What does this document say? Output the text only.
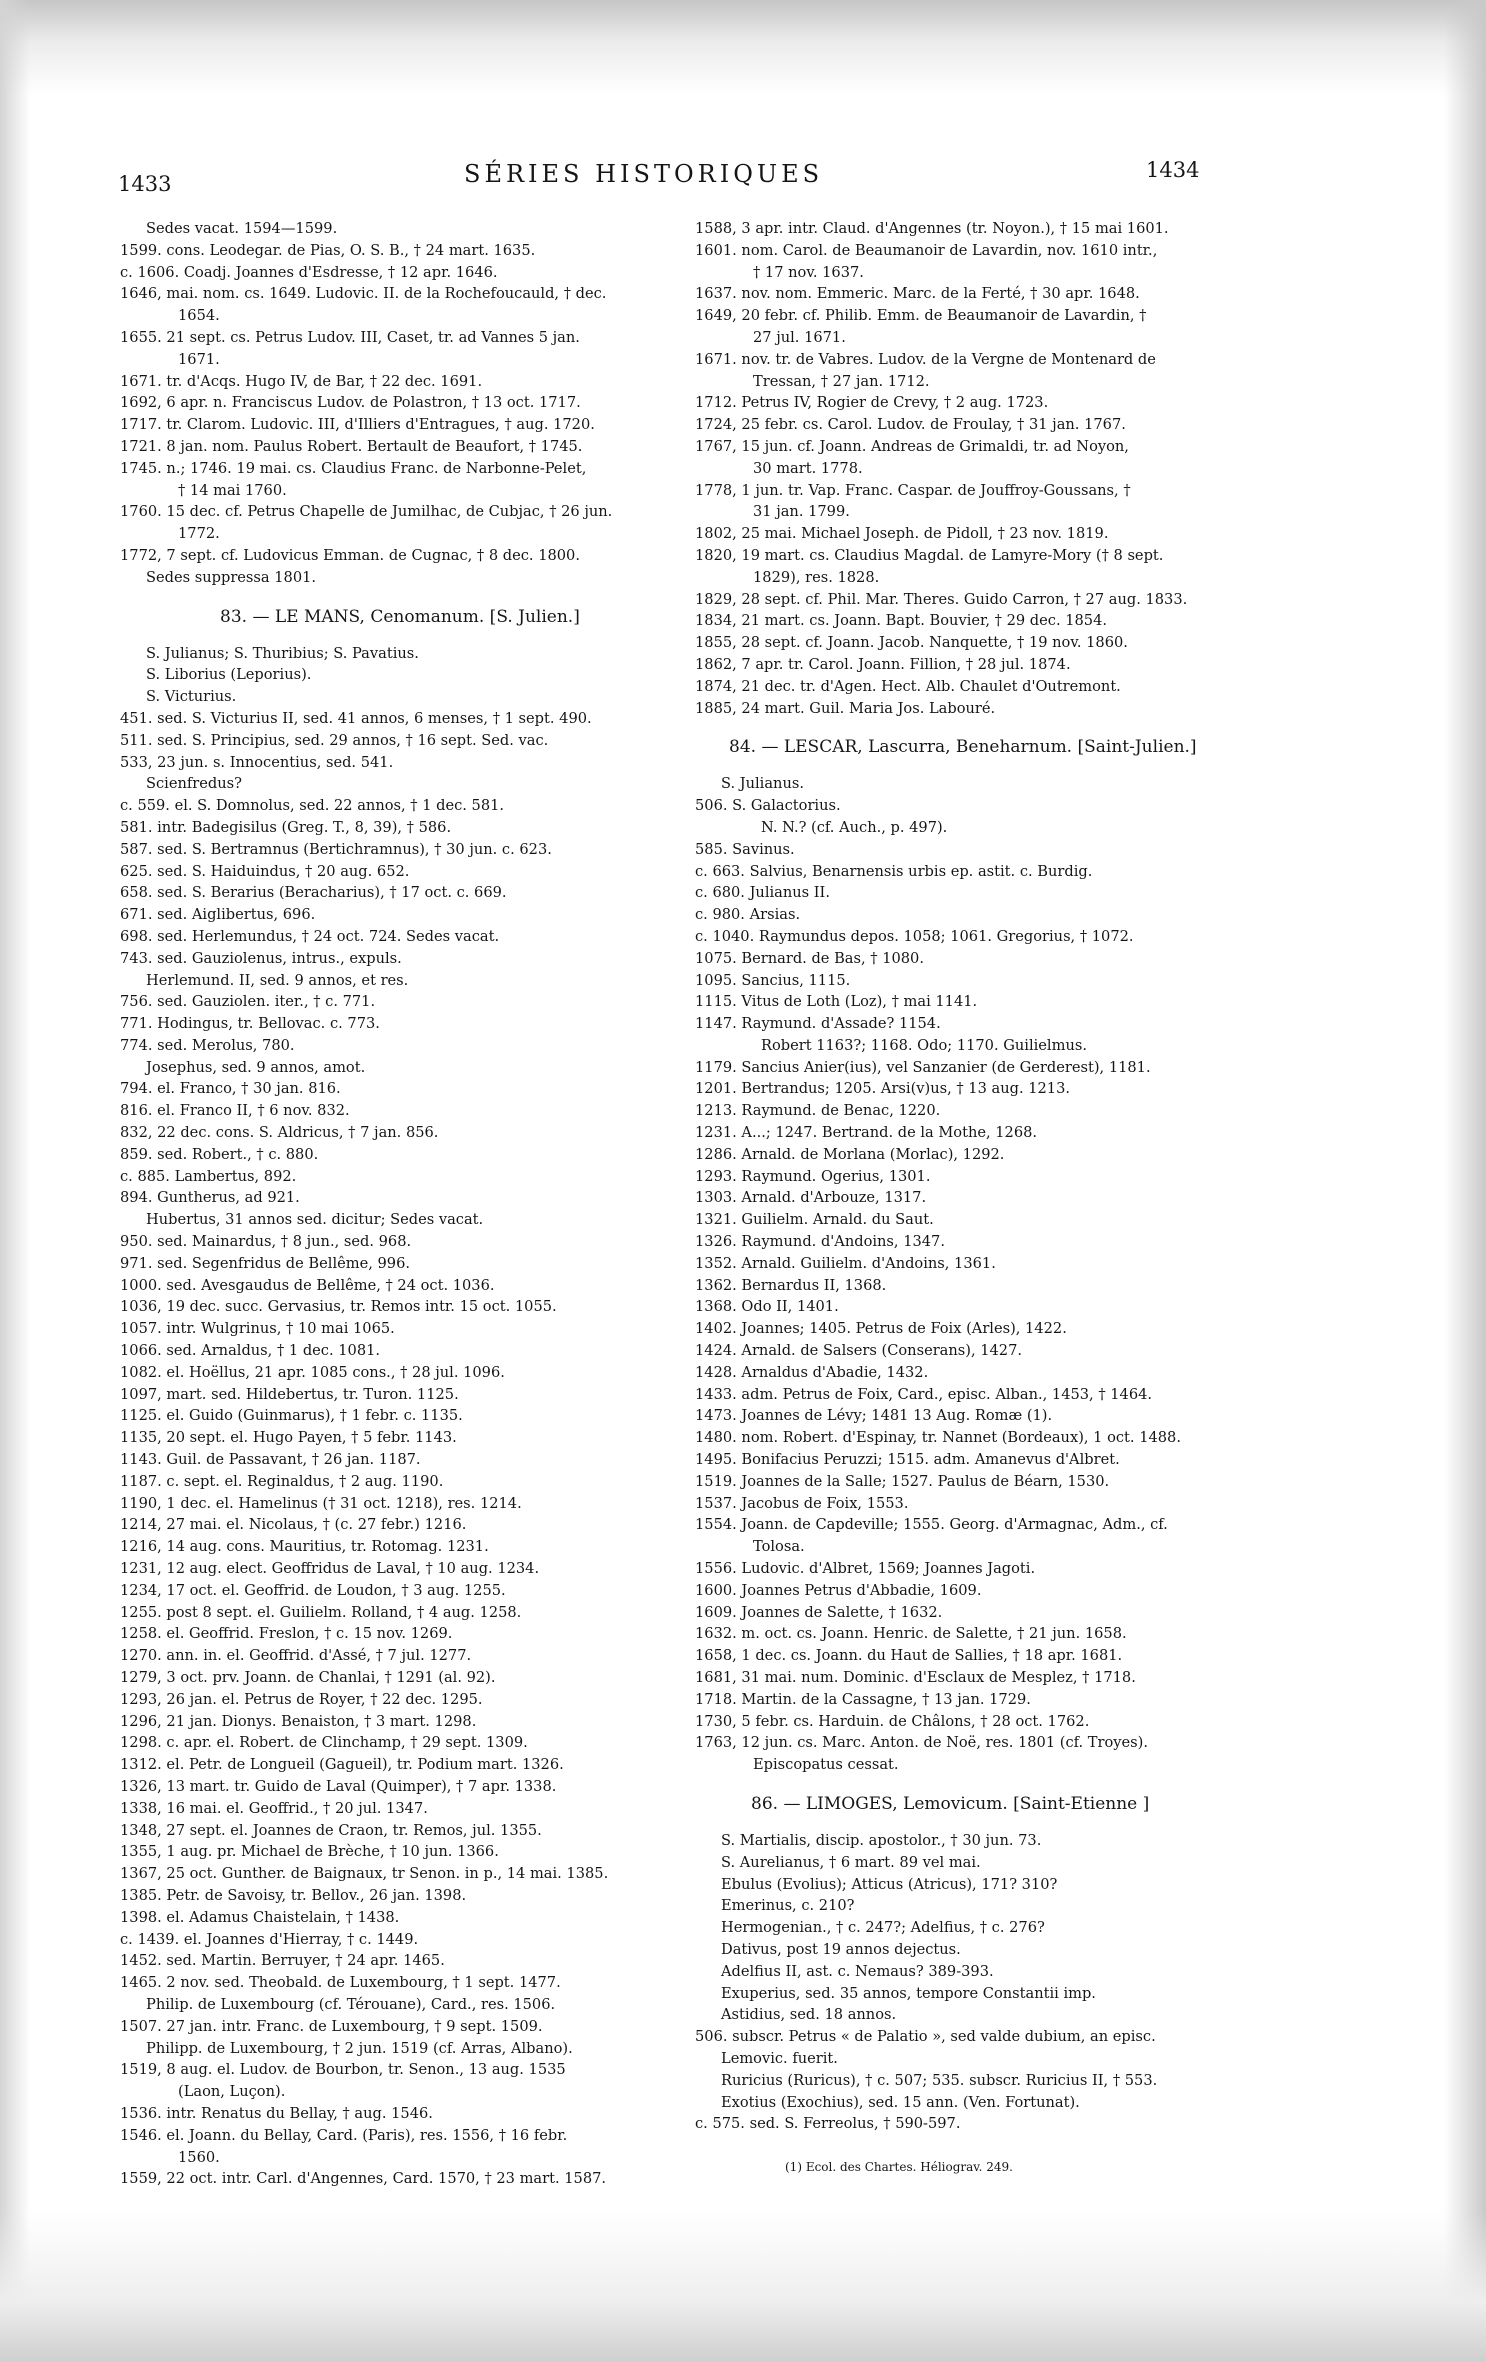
1433	SÉRIES HISTORIQUES	1434
Sedes vacat. 1594—1599.
1599. cons. Leodegar. de Pias, O. S. B., † 24 mart. 1635.
c. 1606. Coadj. Joannes d'Esdresse, † 12 apr. 1646.
1646, mai. nom. cs. 1649. Ludovic. II. de la Rochefoucauld, † dec.
1654.
1655. 21 sept. cs. Petrus Ludov. III, Caset, tr. ad Vannes 5 jan.
1671.
1671. tr. d'Acqs. Hugo IV, de Bar, † 22 dec. 1691.
1692, 6 apr. n. Franciscus Ludov. de Polastron, † 13 oct. 1717.
1717. tr. Clarom. Ludovic. III, d'Illiers d'Entragues, † aug. 1720.
1721. 8 jan. nom. Paulus Robert. Bertault de Beaufort, † 1745.
1745. n.; 1746. 19 mai. cs. Claudius Franc. de Narbonne-Pelet,
† 14 mai 1760.
1760. 15 dec. cf. Petrus Chapelle de Jumilhac, de Cubjac, † 26 jun.
1772.
1772, 7 sept. cf. Ludovicus Emman. de Cugnac, † 8 dec. 1800.
Sedes suppressa 1801.
83. — LE MANS, Cenomanum. [S. Julien.]
S. Julianus; S. Thuribius; S. Pavatius.
S. Liborius (Leporius).
S. Victurius.
451. sed. S. Victurius II, sed. 41 annos, 6 menses, † 1 sept. 490.
511. sed. S. Principius, sed. 29 annos, † 16 sept. Sed. vac.
533, 23 jun. s. Innocentius, sed. 541.
Scienfredus?
c. 559. el. S. Domnolus, sed. 22 annos, † 1 dec. 581.
581. intr. Badegisilus (Greg. T., 8, 39), † 586.
587. sed. S. Bertramnus (Bertichramnus), † 30 jun. c. 623.
625. sed. S. Haiduindus, † 20 aug. 652.
658. sed. S. Berarius (Beracharius), † 17 oct. c. 669.
671. sed. Aiglibertus, 696.
698. sed. Herlemundus, † 24 oct. 724. Sedes vacat.
743. sed. Gauziolenus, intrus., expuls.
Herlemund. II, sed. 9 annos, et res.
756. sed. Gauziolen. iter., † c. 771.
771. Hodingus, tr. Bellovac. c. 773.
774. sed. Merolus, 780.
Josephus, sed. 9 annos, amot.
794. el. Franco, † 30 jan. 816.
816. el. Franco II, † 6 nov. 832.
832, 22 dec. cons. S. Aldricus, † 7 jan. 856.
859. sed. Robert., † c. 880.
c. 885. Lambertus, 892.
894. Guntherus, ad 921.
Hubertus, 31 annos sed. dicitur; Sedes vacat.
950. sed. Mainardus, † 8 jun., sed. 968.
971. sed. Segenfridus de Bellême, 996.
1000. sed. Avesgaudus de Bellême, † 24 oct. 1036.
1036, 19 dec. succ. Gervasius, tr. Remos intr. 15 oct. 1055.
1057. intr. Wulgrinus, † 10 mai 1065.
1066. sed. Arnaldus, † 1 dec. 1081.
1082. el. Hoëllus, 21 apr. 1085 cons., † 28 jul. 1096.
1097, mart. sed. Hildebertus, tr. Turon. 1125.
1125. el. Guido (Guinmarus), † 1 febr. c. 1135.
1135, 20 sept. el. Hugo Payen, † 5 febr. 1143.
1143. Guil. de Passavant, † 26 jan. 1187.
1187. c. sept. el. Reginaldus, † 2 aug. 1190.
1190, 1 dec. el. Hamelinus († 31 oct. 1218), res. 1214.
1214, 27 mai. el. Nicolaus, † (c. 27 febr.) 1216.
1216, 14 aug. cons. Mauritius, tr. Rotomag. 1231.
1231, 12 aug. elect. Geoffridus de Laval, † 10 aug. 1234.
1234, 17 oct. el. Geoffrid. de Loudon, † 3 aug. 1255.
1255. post 8 sept. el. Guilielm. Rolland, † 4 aug. 1258.
1258. el. Geoffrid. Freslon, † c. 15 nov. 1269.
1270. ann. in. el. Geoffrid. d'Assé, † 7 jul. 1277.
1279, 3 oct. prv. Joann. de Chanlai, † 1291 (al. 92).
1293, 26 jan. el. Petrus de Royer, † 22 dec. 1295.
1296, 21 jan. Dionys. Benaiston, † 3 mart. 1298.
1298. c. apr. el. Robert. de Clinchamp, † 29 sept. 1309.
1312. el. Petr. de Longueil (Gagueil), tr. Podium mart. 1326.
1326, 13 mart. tr. Guido de Laval (Quimper), † 7 apr. 1338.
1338, 16 mai. el. Geoffrid., † 20 jul. 1347.
1348, 27 sept. el. Joannes de Craon, tr. Remos, jul. 1355.
1355, 1 aug. pr. Michael de Brèche, † 10 jun. 1366.
1367, 25 oct. Gunther. de Baignaux, tr Senon. in p., 14 mai. 1385.
1385. Petr. de Savoisy, tr. Bellov., 26 jan. 1398.
1398. el. Adamus Chaistelain, † 1438.
c. 1439. el. Joannes d'Hierray, † c. 1449.
1452. sed. Martin. Berruyer, † 24 apr. 1465.
1465. 2 nov. sed. Theobald. de Luxembourg, † 1 sept. 1477.
Philip. de Luxembourg (cf. Térouane), Card., res. 1506.
1507. 27 jan. intr. Franc. de Luxembourg, † 9 sept. 1509.
Philipp. de Luxembourg, † 2 jun. 1519 (cf. Arras, Albano).
1519, 8 aug. el. Ludov. de Bourbon, tr. Senon., 13 aug. 1535
(Laon, Luçon).
1536. intr. Renatus du Bellay, † aug. 1546.
1546. el. Joann. du Bellay, Card. (Paris), res. 1556, † 16 febr.
1560.
1559, 22 oct. intr. Carl. d'Angennes, Card. 1570, † 23 mart. 1587.
1588, 3 apr. intr. Claud. d'Angennes (tr. Noyon.), † 15 mai 1601.
1601. nom. Carol. de Beaumanoir de Lavardin, nov. 1610 intr.,
† 17 nov. 1637.
1637. nov. nom. Emmeric. Marc. de la Ferté, † 30 apr. 1648.
1649, 20 febr. cf. Philib. Emm. de Beaumanoir de Lavardin, †
27 jul. 1671.
1671. nov. tr. de Vabres. Ludov. de la Vergne de Montenard de
Tressan, † 27 jan. 1712.
1712. Petrus IV, Rogier de Crevy, † 2 aug. 1723.
1724, 25 febr. cs. Carol. Ludov. de Froulay, † 31 jan. 1767.
1767, 15 jun. cf. Joann. Andreas de Grimaldi, tr. ad Noyon,
30 mart. 1778.
1778, 1 jun. tr. Vap. Franc. Caspar. de Jouffroy-Goussans, †
31 jan. 1799.
1802, 25 mai. Michael Joseph. de Pidoll, † 23 nov. 1819.
1820, 19 mart. cs. Claudius Magdal. de Lamyre-Mory († 8 sept.
1829), res. 1828.
1829, 28 sept. cf. Phil. Mar. Theres. Guido Carron, † 27 aug. 1833.
1834, 21 mart. cs. Joann. Bapt. Bouvier, † 29 dec. 1854.
1855, 28 sept. cf. Joann. Jacob. Nanquette, † 19 nov. 1860.
1862, 7 apr. tr. Carol. Joann. Fillion, † 28 jul. 1874.
1874, 21 dec. tr. d'Agen. Hect. Alb. Chaulet d'Outremont.
1885, 24 mart. Guil. Maria Jos. Labouré.
84. — LESCAR, Lascurra, Beneharnum. [Saint-Julien.]
S. Julianus.
506. S. Galactorius.
N. N.? (cf. Auch., p. 497).
585. Savinus.
c. 663. Salvius, Benarnensis urbis ep. astit. c. Burdig.
c. 680. Julianus II.
c. 980. Arsias.
c. 1040. Raymundus depos. 1058; 1061. Gregorius, † 1072.
1075. Bernard. de Bas, † 1080.
1095. Sancius, 1115.
1115. Vitus de Loth (Loz), † mai 1141.
1147. Raymund. d'Assade? 1154.
Robert 1163?; 1168. Odo; 1170. Guilielmus.
1179. Sancius Anier(ius), vel Sanzanier (de Gerderest), 1181.
1201. Bertrandus; 1205. Arsi(v)us, † 13 aug. 1213.
1213. Raymund. de Benac, 1220.
1231. A...; 1247. Bertrand. de la Mothe, 1268.
1286. Arnald. de Morlana (Morlac), 1292.
1293. Raymund. Ogerius, 1301.
1303. Arnald. d'Arbouze, 1317.
1321. Guilielm. Arnald. du Saut.
1326. Raymund. d'Andoins, 1347.
1352. Arnald. Guilielm. d'Andoins, 1361.
1362. Bernardus II, 1368.
1368. Odo II, 1401.
1402. Joannes; 1405. Petrus de Foix (Arles), 1422.
1424. Arnald. de Salsers (Conserans), 1427.
1428. Arnaldus d'Abadie, 1432.
1433. adm. Petrus de Foix, Card., episc. Alban., 1453, † 1464.
1473. Joannes de Lévy; 1481 13 Aug. Romæ (1).
1480. nom. Robert. d'Espinay, tr. Nannet (Bordeaux), 1 oct. 1488.
1495. Bonifacius Peruzzi; 1515. adm. Amanevus d'Albret.
1519. Joannes de la Salle; 1527. Paulus de Béarn, 1530.
1537. Jacobus de Foix, 1553.
1554. Joann. de Capdeville; 1555. Georg. d'Armagnac, Adm., cf.
Tolosa.
1556. Ludovic. d'Albret, 1569; Joannes Jagoti.
1600. Joannes Petrus d'Abbadie, 1609.
1609. Joannes de Salette, † 1632.
1632. m. oct. cs. Joann. Henric. de Salette, † 21 jun. 1658.
1658, 1 dec. cs. Joann. du Haut de Sallies, † 18 apr. 1681.
1681, 31 mai. num. Dominic. d'Esclaux de Mesplez, † 1718.
1718. Martin. de la Cassagne, † 13 jan. 1729.
1730, 5 febr. cs. Harduin. de Châlons, † 28 oct. 1762.
1763, 12 jun. cs. Marc. Anton. de Noë, res. 1801 (cf. Troyes).
Episcopatus cessat.
86. — LIMOGES, Lemovicum. [Saint-Etienne ]
S. Martialis, discip. apostolor., † 30 jun. 73.
S. Aurelianus, † 6 mart. 89 vel mai.
Ebulus (Evolius); Atticus (Atricus), 171? 310?
Emerinus, c. 210?
Hermogenian., † c. 247?; Adelfius, † c. 276?
Dativus, post 19 annos dejectus.
Adelfius II, ast. c. Nemaus? 389-393.
Exuperius, sed. 35 annos, tempore Constantii imp.
Astidius, sed. 18 annos.
506. subscr. Petrus « de Palatio », sed valde dubium, an episc.
Lemovic. fuerit.
Ruricius (Ruricus), † c. 507; 535. subscr. Ruricius II, † 553.
Exotius (Exochius), sed. 15 ann. (Ven. Fortunat).
c. 575. sed. S. Ferreolus, † 590-597.
(1) Ecol. des Chartes. Héliograv. 249.
